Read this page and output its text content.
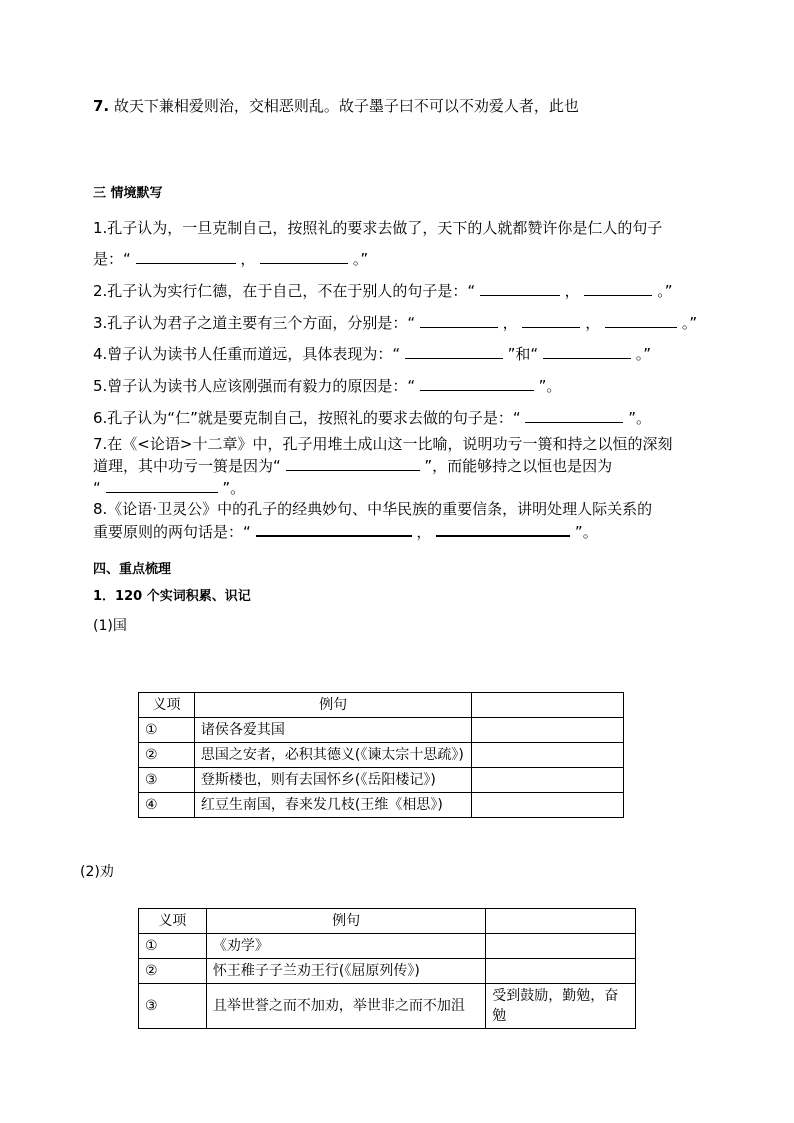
7. 故天下兼相爱则治，交相恶则乱。故子墨子曰不可以不劝爱人者，此也
三 情境默写
1.孔子认为，一旦克制自己，按照礼的要求去做了，天下的人就都赞许你是仁人的句子
是：“	，	。”
2.孔子认为实行仁德，在于自己，不在于别人的句子是：“	，	。”
3.孔子认为君子之道主要有三个方面，分别是：“	，	，	。”
4.曾子认为读书人任重而道远，具体表现为：“	”和“	。”
5.曾子认为读书人应该刚强而有毅力的原因是：“	”。
6.孔子认为“仁”就是要克制自己，按照礼的要求去做的句子是：“	”。
7.在《<论语>十二章》中，孔子用堆土成山这一比喻，说明功亏一篑和持之以恒的深刻
道理，其中功亏一篑是因为“	”，而能够持之以恒也是因为
“	”。
8.《论语·卫灵公》中的孔子的经典妙句、中华民族的重要信条，讲明处理人际关系的
重要原则的两句话是：“	，	”。
四、重点梳理
1．120 个实词积累、识记
(1)国
义项	例句	
①	诸侯各爱其国	
②	思国之安者，必积其德义(《谏太宗十思疏》)	
③	登斯楼也，则有去国怀乡(《岳阳楼记》)	
④	红豆生南国，春来发几枝(王维《相思》)	
(2)劝
义项	例句	
①	《劝学》	
②	怀王稚子子兰劝王行(《屈原列传》)	
③	且举世誉之而不加劝，举世非之而不加沮	受到鼓励，勤勉，奋勉
